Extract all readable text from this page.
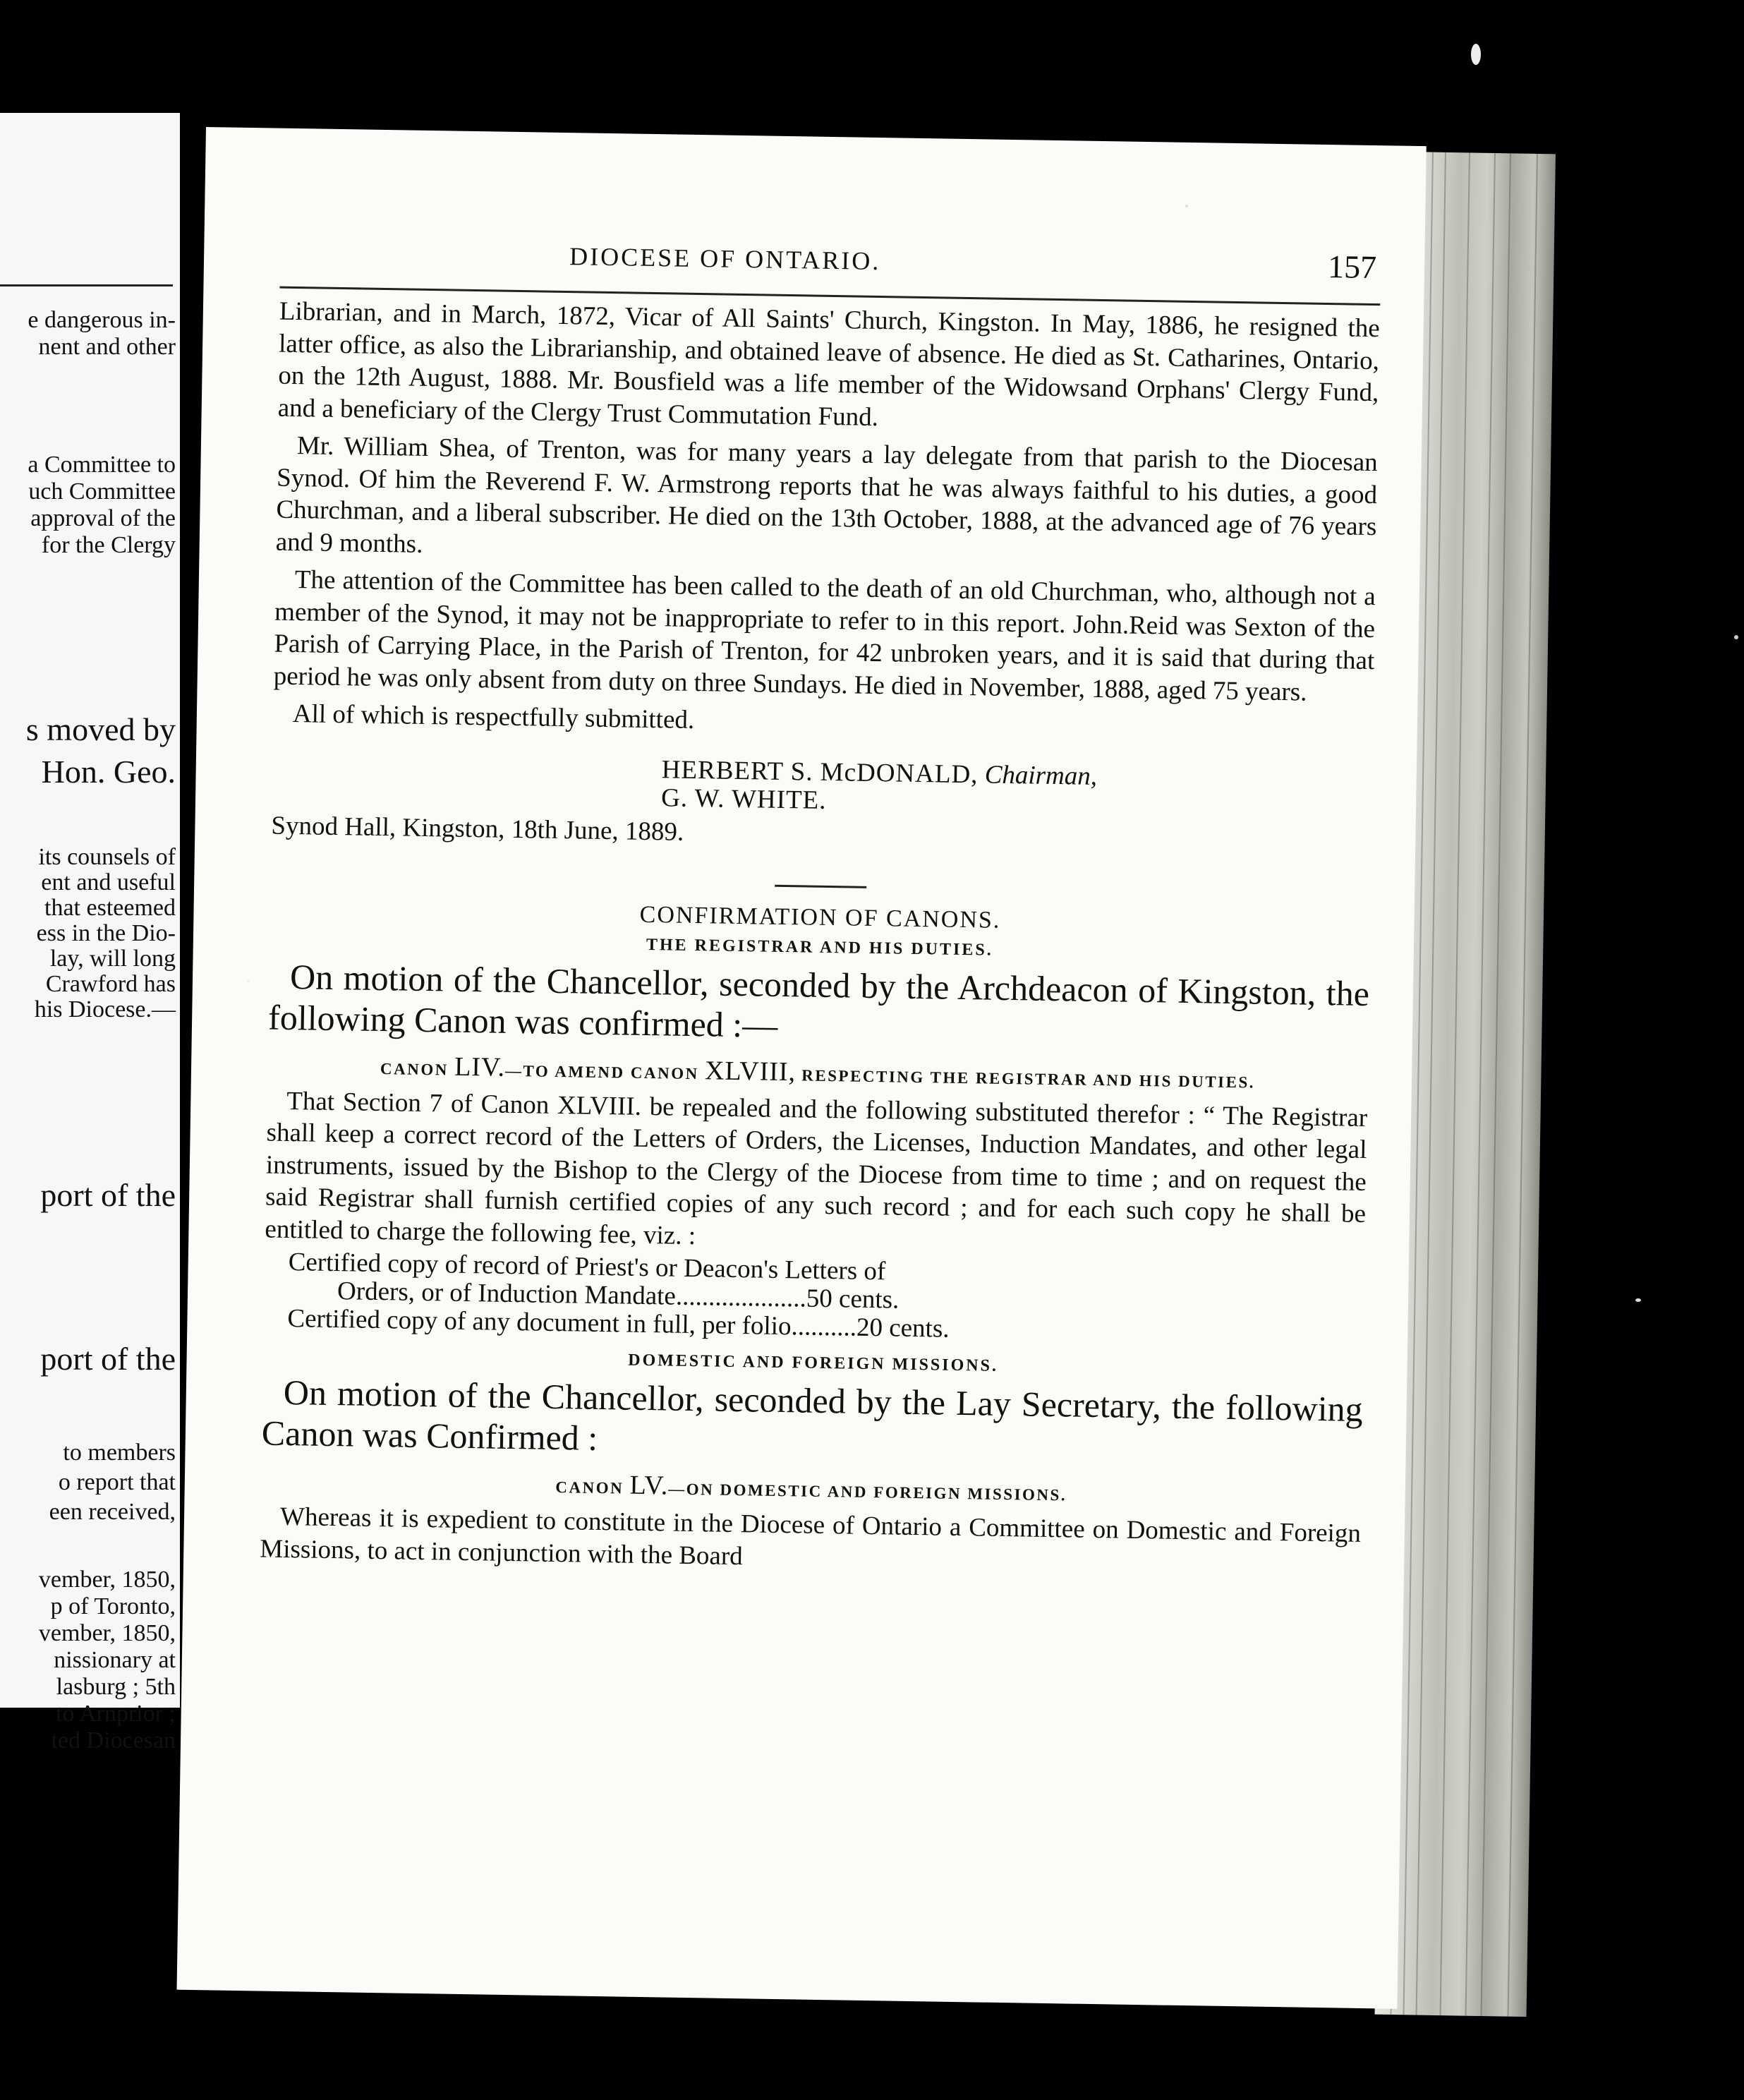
e dangerous in-
nent and other
a Committee to
uch Committee
approval of the
for the Clergy
s moved by
Hon. Geo.
its counsels of
ent and useful
that esteemed
ess in the Dio-
lay, will long
Crawford has
his Diocese.—
port of the
port of the
to members
o report that
een received,
vember, 1850,
p of Toronto,
vember, 1850,
nissionary at
lasburg ; 5th
to Arnprior ;
ted Diocesan
DIOCESE OF ONTARIO.	157

Librarian, and in March, 1872, Vicar of All Saints' Church, Kingston. In May, 1886, he resigned the latter office, as also the Librarianship, and obtained leave of absence. He died as St. Catharines, Ontario, on the 12th August, 1888. Mr. Bousfield was a life member of the Widowsand Orphans' Clergy Fund, and a beneficiary of the Clergy Trust Commutation Fund.

Mr. William Shea, of Trenton, was for many years a lay delegate from that parish to the Diocesan Synod. Of him the Reverend F. W. Armstrong reports that he was always faithful to his duties, a good Churchman, and a liberal subscriber. He died on the 13th October, 1888, at the advanced age of 76 years and 9 months.

The attention of the Committee has been called to the death of an old Churchman, who, although not a member of the Synod, it may not be inappropriate to refer to in this report. John.Reid was Sexton of the Parish of Carrying Place, in the Parish of Trenton, for 42 unbroken years, and it is said that during that period he was only absent from duty on three Sundays. He died in November, 1888, aged 75 years.

All of which is respectfully submitted.

HERBERT S. McDONALD, Chairman,
G. W. WHITE.
Synod Hall, Kingston, 18th June, 1889.
CONFIRMATION OF CANONS.
THE REGISTRAR AND HIS DUTIES.

On motion of the Chancellor, seconded by the Archdeacon of Kingston, the following Canon was confirmed :—

CANON LIV.—TO AMEND CANON XLVIII, RESPECTING THE REGISTRAR AND HIS DUTIES.

That Section 7 of Canon XLVIII. be repealed and the following substituted therefor : “ The Registrar shall keep a correct record of the Letters of Orders, the Licenses, Induction Mandates, and other legal instruments, issued by the Bishop to the Clergy of the Diocese from time to time ; and on request the said Registrar shall furnish certified copies of any such record ; and for each such copy he shall be entitled to charge the following fee, viz. :

Certified copy of record of Priest's or Deacon's Letters of
Orders, or of Induction Mandate....................50 cents.
Certified copy of any document in full, per folio..........20 cents.
DOMESTIC AND FOREIGN MISSIONS.

On motion of the Chancellor, seconded by the Lay Secretary, the following Canon was Confirmed :

CANON LV.—ON DOMESTIC AND FOREIGN MISSIONS.

Whereas it is expedient to constitute in the Diocese of Ontario a Committee on Domestic and Foreign Missions, to act in conjunction with the Board
